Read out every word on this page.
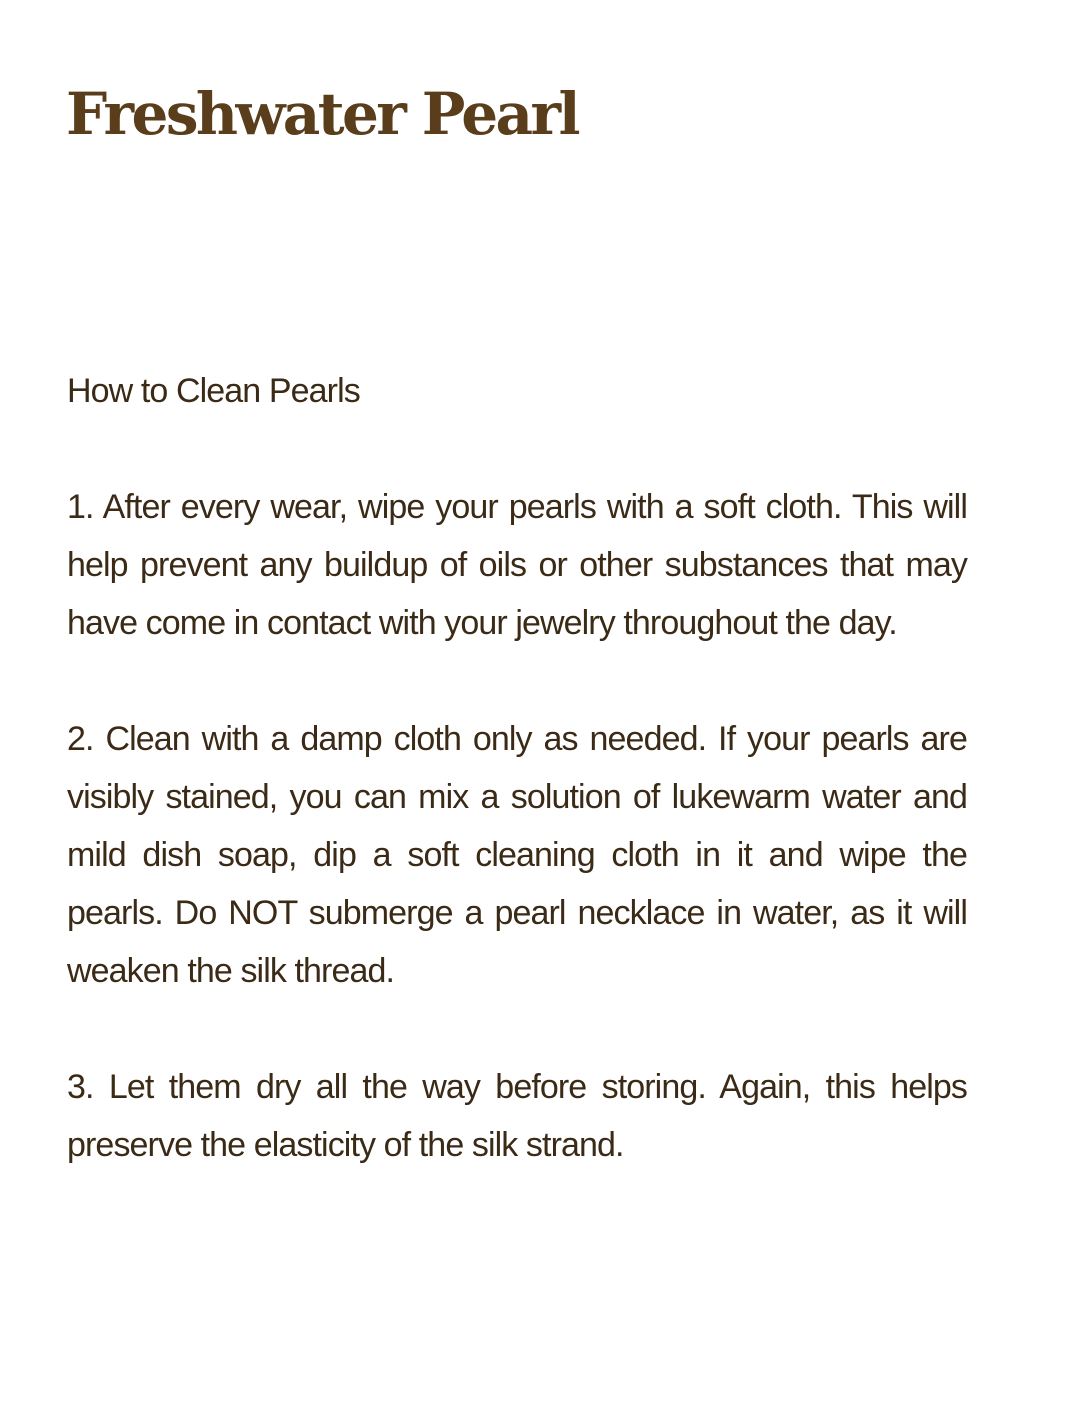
Freshwater Pearl
How to Clean Pearls

1. After every wear, wipe your pearls with a soft cloth. This will help prevent any buildup of oils or other substances that may have come in contact with your jewelry throughout the day.

2. Clean with a damp cloth only as needed. If your pearls are visibly stained, you can mix a solution of lukewarm water and mild dish soap, dip a soft cleaning cloth in it and wipe the pearls. Do NOT submerge a pearl necklace in water, as it will weaken the silk thread.

3. Let them dry all the way before storing. Again, this helps preserve the elasticity of the silk strand.
